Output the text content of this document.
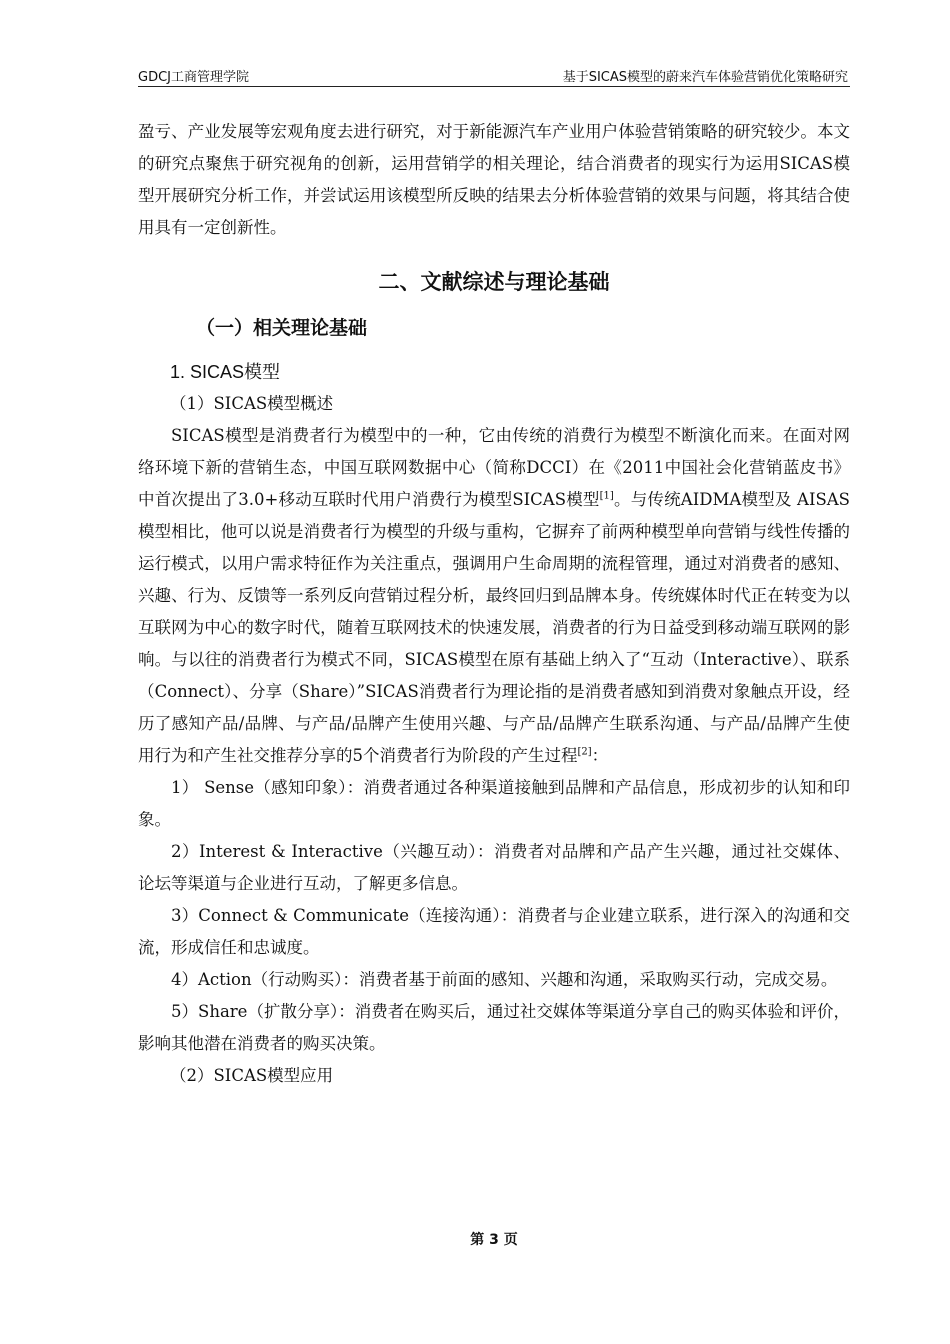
GDCJ工商管理学院	基于SICAS模型的蔚来汽车体验营销优化策略研究

盈亏、产业发展等宏观角度去进行研究，对于新能源汽车产业用户体验营销策略的研究较少。本文的研究点聚焦于研究视角的创新，运用营销学的相关理论，结合消费者的现实行为运用SICAS模型开展研究分析工作，并尝试运用该模型所反映的结果去分析体验营销的效果与问题，将其结合使用具有一定创新性。

二、文献综述与理论基础
（一）相关理论基础
1. SICAS模型
（1）SICAS模型概述

SICAS模型是消费者行为模型中的一种，它由传统的消费行为模型不断演化而来。在面对网络环境下新的营销生态，中国互联网数据中心（简称DCCI）在《2011中国社会化营销蓝皮书》中首次提出了3.0+移动互联时代用户消费行为模型SICAS模型[1]。与传统AIDMA模型及 AISAS模型相比，他可以说是消费者行为模型的升级与重构，它摒弃了前两种模型单向营销与线性传播的运行模式，以用户需求特征作为关注重点，强调用户生命周期的流程管理，通过对消费者的感知、兴趣、行为、反馈等一系列反向营销过程分析，最终回归到品牌本身。传统媒体时代正在转变为以互联网为中心的数字时代，随着互联网技术的快速发展，消费者的行为日益受到移动端互联网的影响。与以往的消费者行为模式不同，SICAS模型在原有基础上纳入了“互动（Interactive）、联系（Connect）、分享（Share）”SICAS消费者行为理论指的是消费者感知到消费对象触点开设，经历了感知产品/品牌、与产品/品牌产生使用兴趣、与产品/品牌产生联系沟通、与产品/品牌产生使用行为和产生社交推荐分享的5个消费者行为阶段的产生过程[2]：

1） Sense（感知印象）：消费者通过各种渠道接触到品牌和产品信息，形成初步的认知和印象。

2）Interest & Interactive（兴趣互动）：消费者对品牌和产品产生兴趣，通过社交媒体、论坛等渠道与企业进行互动，了解更多信息。

3）Connect & Communicate（连接沟通）：消费者与企业建立联系，进行深入的沟通和交流，形成信任和忠诚度。

4）Action（行动购买）：消费者基于前面的感知、兴趣和沟通，采取购买行动，完成交易。

5）Share（扩散分享）：消费者在购买后，通过社交媒体等渠道分享自己的购买体验和评价，影响其他潜在消费者的购买决策。

（2）SICAS模型应用
第 3 页
